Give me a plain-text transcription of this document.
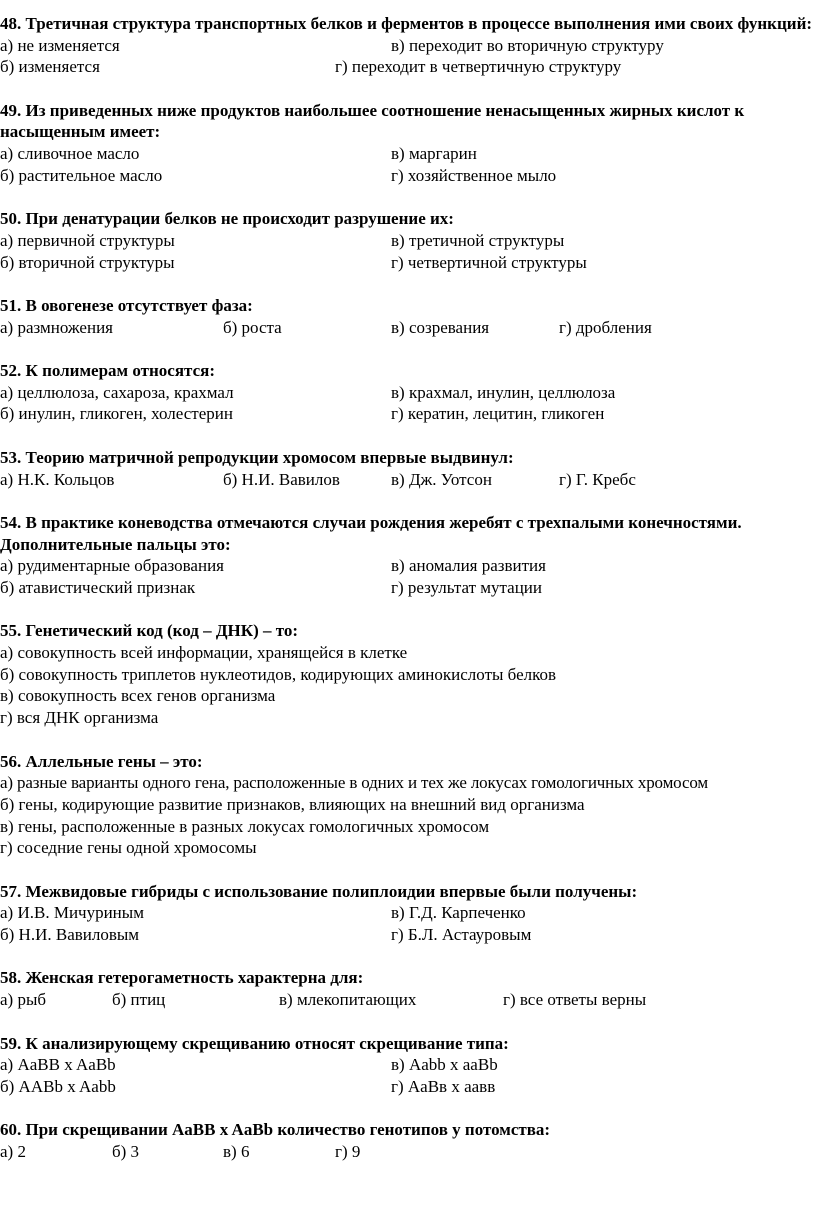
48. Третичная структура транспортных белков и ферментов в процессе выполнения ими своих функций:
а) не изменяется	в) переходит во вторичную структуру
б) изменяется	г) переходит в четвертичную структуру
49. Из приведенных ниже продуктов наибольшее соотношение ненасыщенных жирных кислот к насыщенным имеет:
а) сливочное масло	в) маргарин
б) растительное масло	г) хозяйственное мыло
50. При денатурации белков не происходит разрушение их:
а) первичной структуры	в) третичной структуры
б) вторичной структуры	г) четвертичной структуры
51. В овогенезе отсутствует фаза:
а) размножения	б) роста	в) созревания	г) дробления
52. К полимерам относятся:
а) целлюлоза, сахароза, крахмал	в) крахмал, инулин, целлюлоза
б) инулин, гликоген, холестерин	г) кератин, лецитин, гликоген
53. Теорию матричной репродукции хромосом впервые выдвинул:
а) Н.К. Кольцов	б) Н.И. Вавилов	в) Дж. Уотсон	г) Г. Кребс
54. В практике коневодства отмечаются случаи рождения жеребят с трехпалыми конечностями. Дополнительные пальцы это:
а) рудиментарные образования	в) аномалия развития
б) атавистический признак	г) результат мутации
55. Генетический код (код – ДНК) – то:
а) совокупность всей информации, хранящейся в клетке
б) совокупность триплетов нуклеотидов, кодирующих аминокислоты белков
в) совокупность всех генов организма
г) вся ДНК организма
56. Аллельные гены – это:
а) разные варианты одного гена, расположенные в одних и тех же локусах гомологичных хромосом
б) гены, кодирующие развитие признаков, влияющих на внешний вид организма
в) гены, расположенные в разных локусах гомологичных хромосом
г) соседние гены одной хромосомы
57. Межвидовые гибриды с использование полиплоидии впервые были получены:
а) И.В. Мичуриным	в) Г.Д. Карпеченко
б) Н.И. Вавиловым	г) Б.Л. Астауровым
58. Женская гетерогаметность характерна для:
а) рыб	б) птиц	в) млекопитающих	г) все ответы верны
59. К анализирующему скрещиванию относят скрещивание типа:
а) AaBB x AaBb	в) Aabb x aaBb
б) AABb x Aabb	г) AaBв x аавв
60. При скрещивании AaBB x AaBb количество генотипов у потомства:
а) 2	б) 3	в) 6	г) 9
